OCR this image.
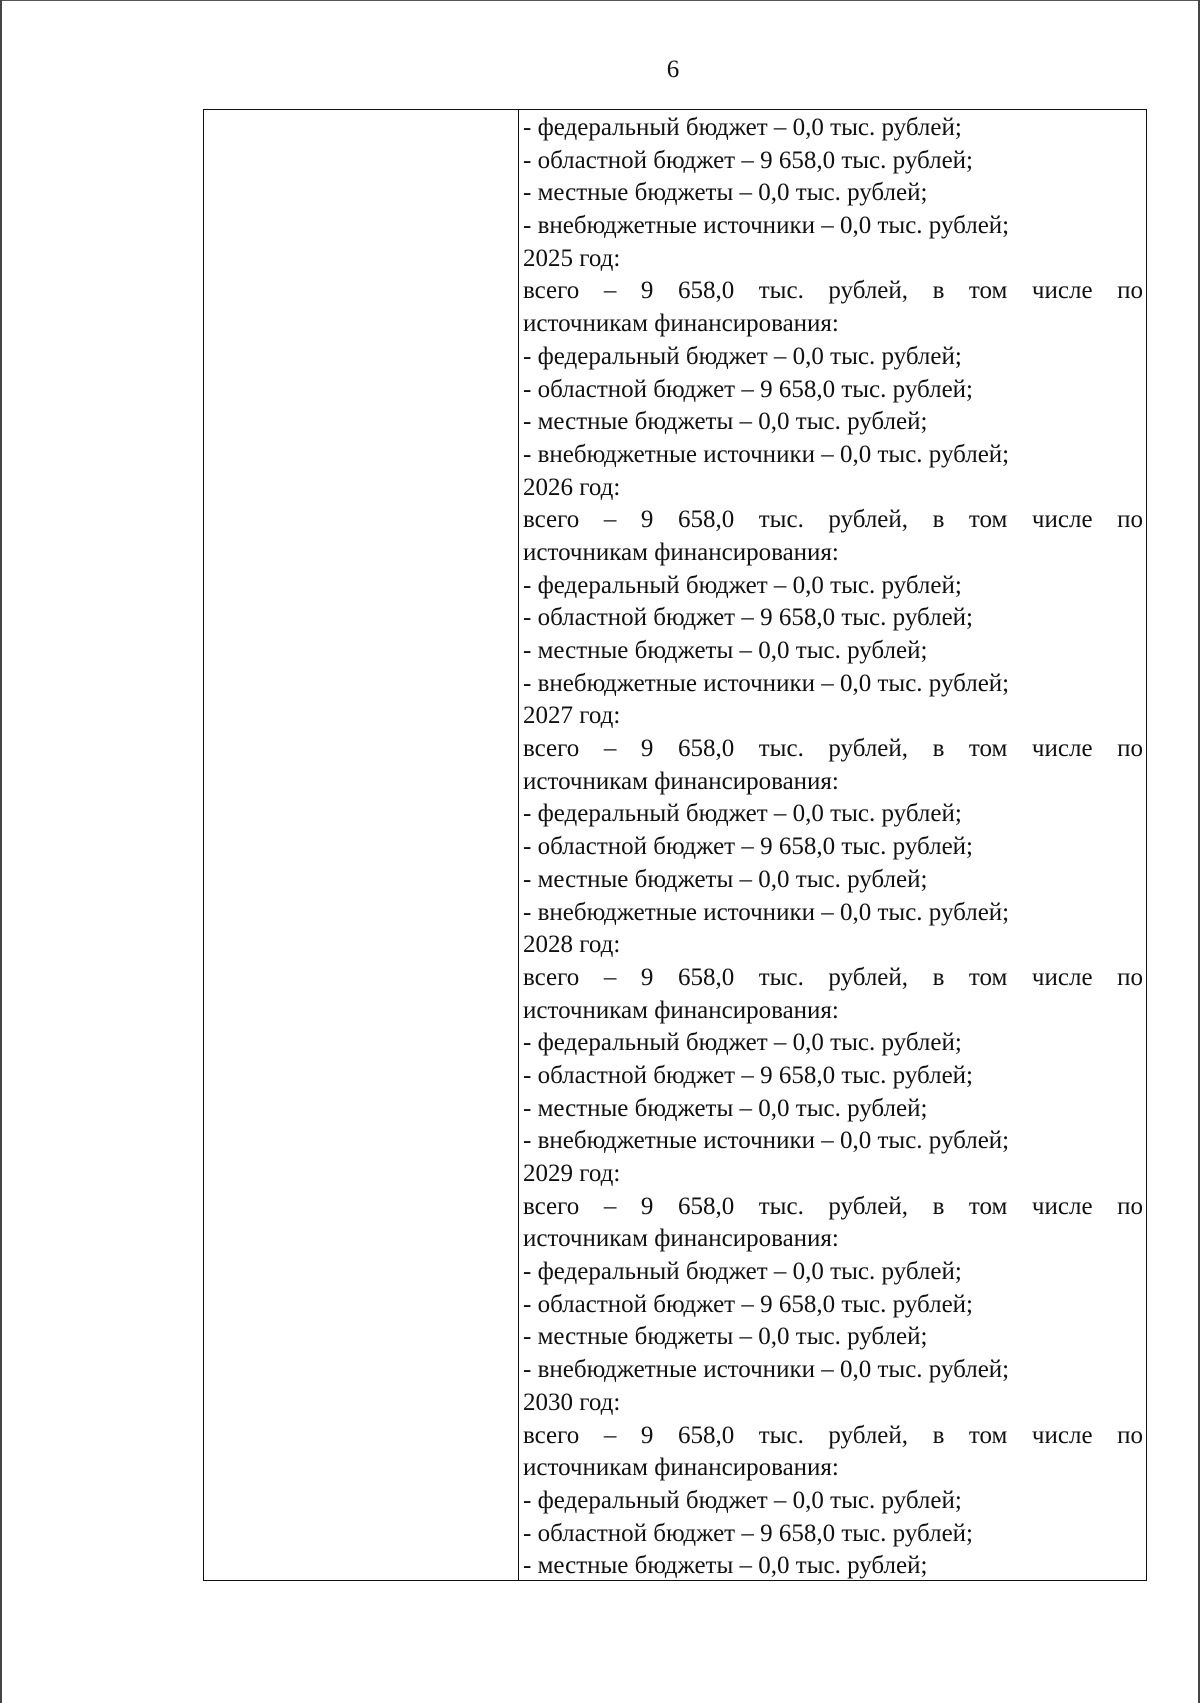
6
- федеральный бюджет – 0,0 тыс. рублей;
- областной бюджет – 9 658,0 тыс. рублей;
- местные бюджеты – 0,0 тыс. рублей;
- внебюджетные источники – 0,0 тыс. рублей;
2025 год:
всего – 9 658,0 тыс. рублей, в том числе по
источникам финансирования:
- федеральный бюджет – 0,0 тыс. рублей;
- областной бюджет – 9 658,0 тыс. рублей;
- местные бюджеты – 0,0 тыс. рублей;
- внебюджетные источники – 0,0 тыс. рублей;
2026 год:
всего – 9 658,0 тыс. рублей, в том числе по
источникам финансирования:
- федеральный бюджет – 0,0 тыс. рублей;
- областной бюджет – 9 658,0 тыс. рублей;
- местные бюджеты – 0,0 тыс. рублей;
- внебюджетные источники – 0,0 тыс. рублей;
2027 год:
всего – 9 658,0 тыс. рублей, в том числе по
источникам финансирования:
- федеральный бюджет – 0,0 тыс. рублей;
- областной бюджет – 9 658,0 тыс. рублей;
- местные бюджеты – 0,0 тыс. рублей;
- внебюджетные источники – 0,0 тыс. рублей;
2028 год:
всего – 9 658,0 тыс. рублей, в том числе по
источникам финансирования:
- федеральный бюджет – 0,0 тыс. рублей;
- областной бюджет – 9 658,0 тыс. рублей;
- местные бюджеты – 0,0 тыс. рублей;
- внебюджетные источники – 0,0 тыс. рублей;
2029 год:
всего – 9 658,0 тыс. рублей, в том числе по
источникам финансирования:
- федеральный бюджет – 0,0 тыс. рублей;
- областной бюджет – 9 658,0 тыс. рублей;
- местные бюджеты – 0,0 тыс. рублей;
- внебюджетные источники – 0,0 тыс. рублей;
2030 год:
всего – 9 658,0 тыс. рублей, в том числе по
источникам финансирования:
- федеральный бюджет – 0,0 тыс. рублей;
- областной бюджет – 9 658,0 тыс. рублей;
- местные бюджеты – 0,0 тыс. рублей;
